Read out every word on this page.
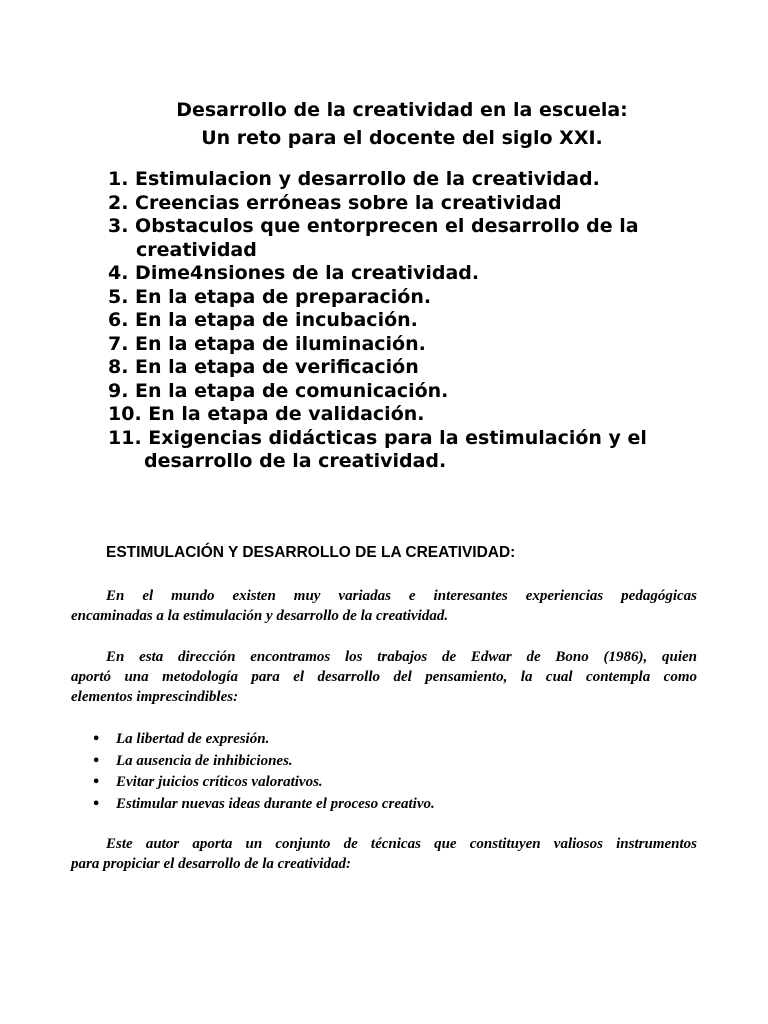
Desarrollo de la creatividad en la escuela:
Un reto para el docente del siglo XXI.
1. Estimulacion y desarrollo de la creatividad.
2. Creencias erróneas sobre la creatividad
3. Obstaculos que entorprecen el desarrollo de la
creatividad
4. Dime4nsiones de la creatividad.
5. En la etapa de preparación.
6. En la etapa de incubación.
7. En la etapa de iluminación.
8. En la etapa de verificación
9. En la etapa de comunicación.
10. En la etapa de validación.
11. Exigencias didácticas para la estimulación y el
desarrollo de la creatividad.
ESTIMULACIÓN Y DESARROLLO DE LA CREATIVIDAD:

En el mundo existen muy variadas e interesantes experiencias pedagógicas
encaminadas a la estimulación y desarrollo de la creatividad.

En esta dirección encontramos los trabajos de Edwar de Bono (1986), quien
aportó una metodología para el desarrollo del pensamiento, la cual contempla como
elementos imprescindibles:

•	La libertad de expresión.
•	La ausencia de inhibiciones.
•	Evitar juicios críticos valorativos.
•	Estimular nuevas ideas durante el proceso creativo.

Este autor aporta un conjunto de técnicas que constituyen valiosos instrumentos
para propiciar el desarrollo de la creatividad:
